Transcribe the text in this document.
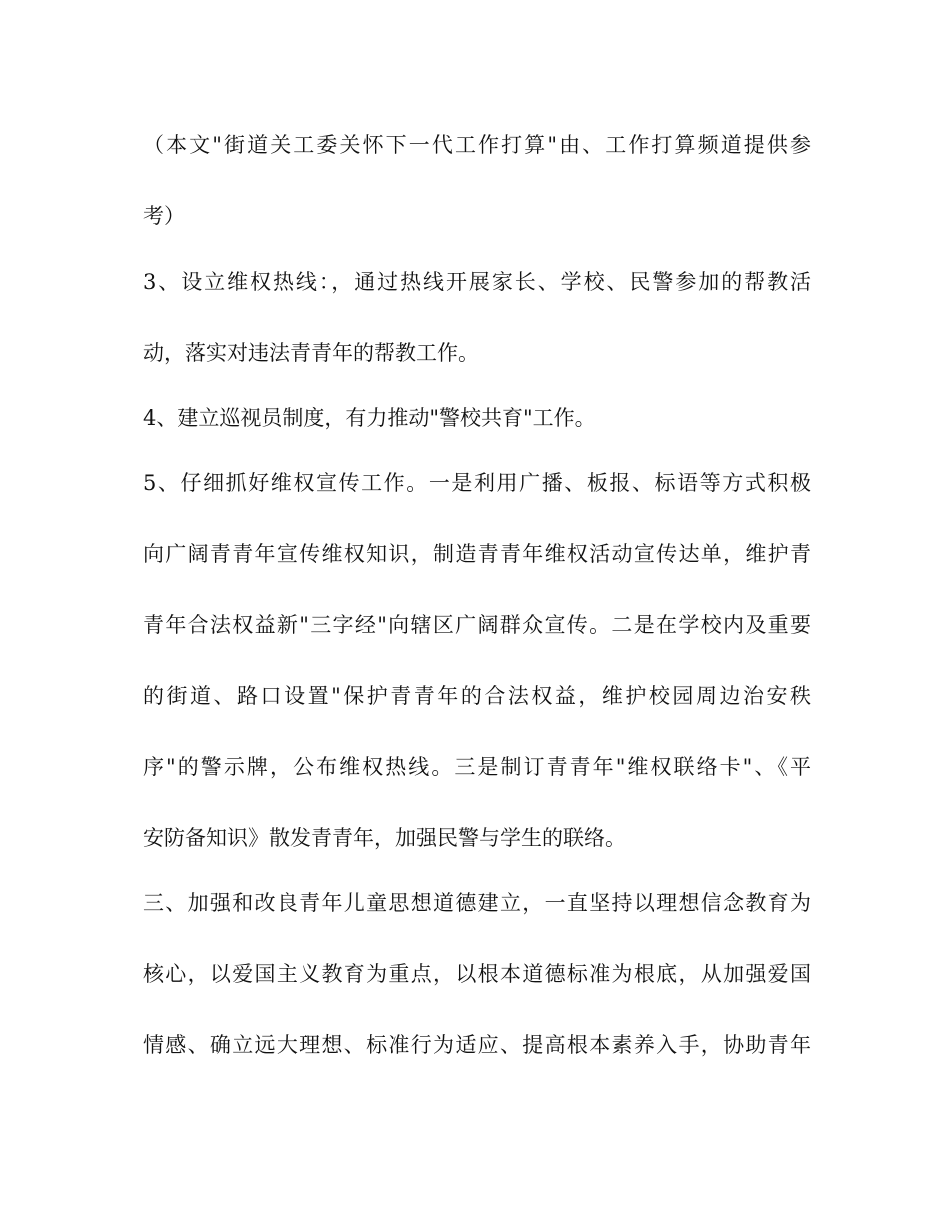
（本文"街道关工委关怀下一代工作打算"由、工作打算频道提供参
考）
3、设立维权热线：，通过热线开展家长、学校、民警参加的帮教活
动，落实对违法青青年的帮教工作。
4、建立巡视员制度，有力推动"警校共育"工作。
5、仔细抓好维权宣传工作。一是利用广播、板报、标语等方式积极
向广阔青青年宣传维权知识，制造青青年维权活动宣传达单，维护青
青年合法权益新"三字经"向辖区广阔群众宣传。二是在学校内及重要
的街道、路口设置"保护青青年的合法权益，维护校园周边治安秩
序"的警示牌，公布维权热线。三是制订青青年"维权联络卡"、《平
安防备知识》散发青青年，加强民警与学生的联络。
三、加强和改良青年儿童思想道德建立，一直坚持以理想信念教育为
核心，以爱国主义教育为重点，以根本道德标准为根底，从加强爱国
情感、确立远大理想、标准行为适应、提高根本素养入手，协助青年
